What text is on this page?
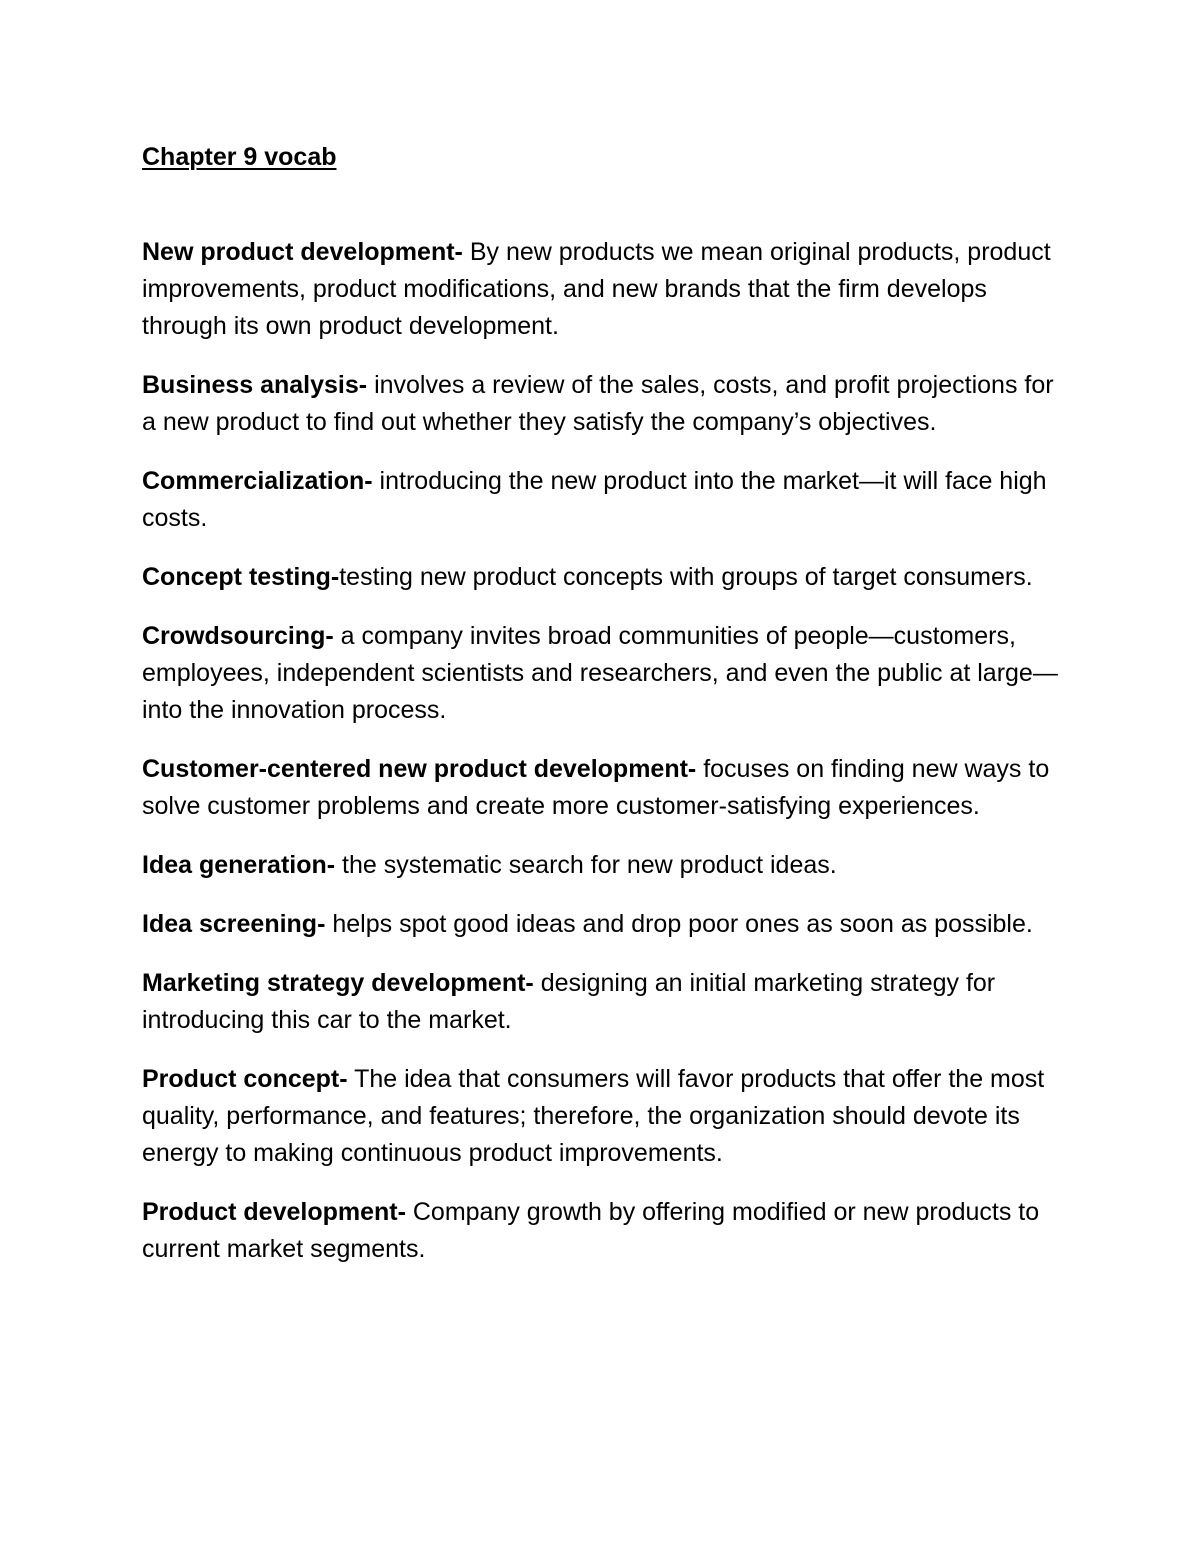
Chapter 9 vocab

New product development- By new products we mean original products, product improvements, product modifications, and new brands that the firm develops through its own product development.

Business analysis- involves a review of the sales, costs, and profit projections for a new product to find out whether they satisfy the company’s objectives.

Commercialization- introducing the new product into the market—it will face high costs.

Concept testing-testing new product concepts with groups of target consumers.

Crowdsourcing- a company invites broad communities of people—customers, employees, independent scientists and researchers, and even the public at large—into the innovation process.

Customer-centered new product development- focuses on finding new ways to solve customer problems and create more customer-satisfying experiences.

Idea generation- the systematic search for new product ideas.

Idea screening- helps spot good ideas and drop poor ones as soon as possible.

Marketing strategy development- designing an initial marketing strategy for introducing this car to the market.

Product concept- The idea that consumers will favor products that offer the most quality, performance, and features; therefore, the organization should devote its energy to making continuous product improvements.

Product development- Company growth by offering modified or new products to current market segments.
